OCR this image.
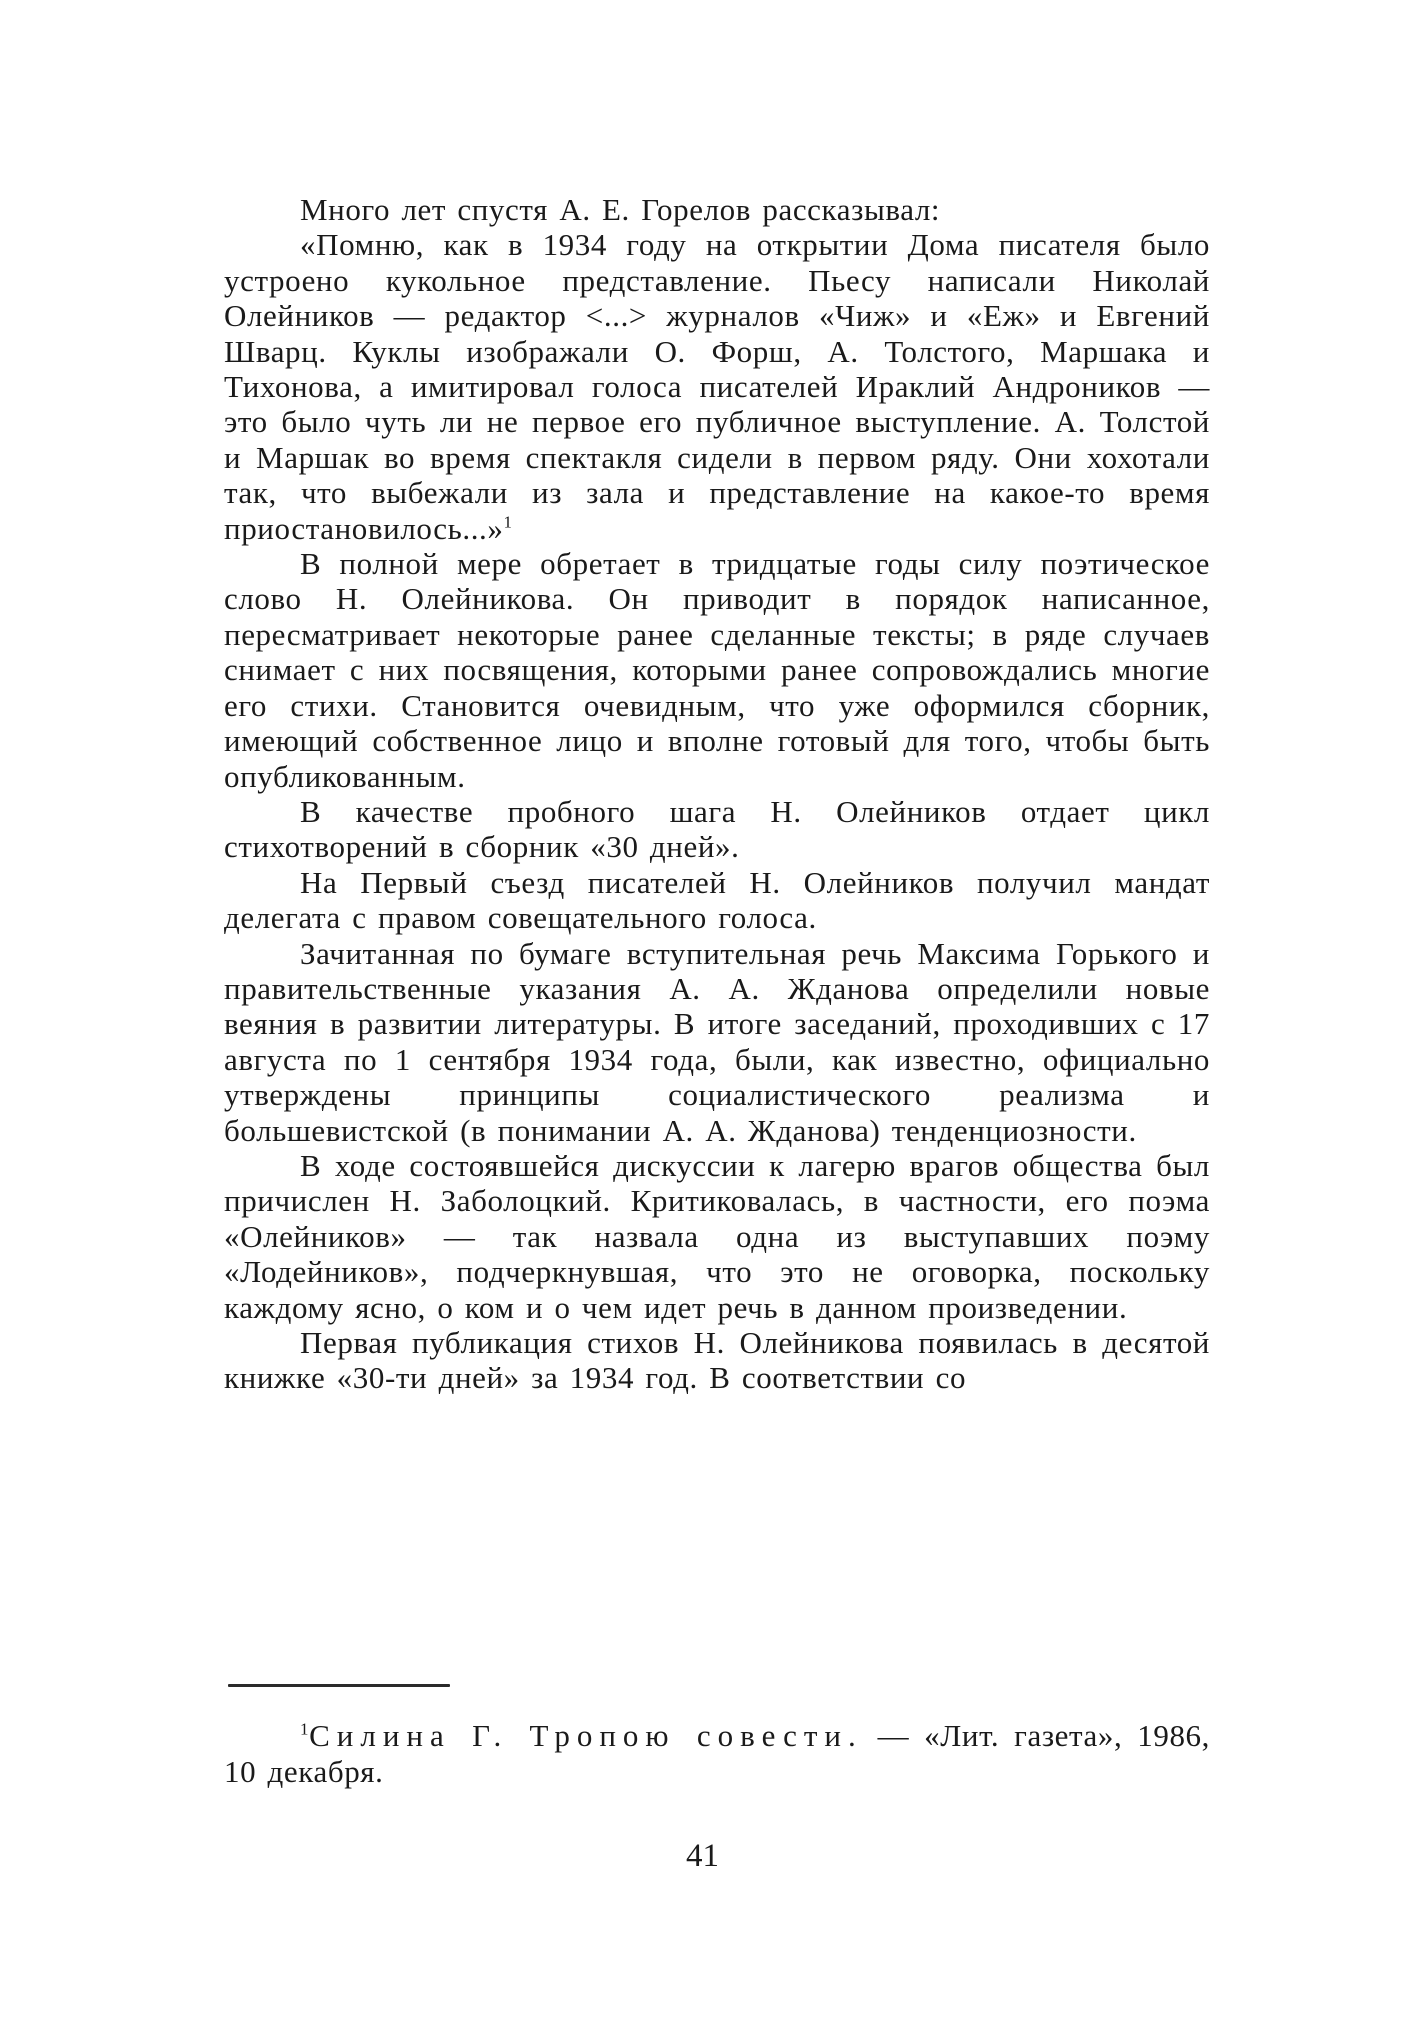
Много лет спустя А. Е. Горелов рассказывал:

«Помню, как в 1934 году на открытии Дома писателя было устроено кукольное представление. Пьесу написали Николай Олейников — редактор <...> журналов «Чиж» и «Еж» и Евгений Шварц. Куклы изображали О. Форш, А. Толстого, Маршака и Тихонова, а имитировал голоса писателей Ираклий Андроников — это было чуть ли не первое его публичное выступление. А. Толстой и Маршак во время спектакля сидели в первом ряду. Они хохотали так, что выбежали из зала и представление на какое-то время приостановилось...»$^1$

В полной мере обретает в тридцатые годы силу поэтическое слово Н. Олейникова. Он приводит в порядок написанное, пересматривает некоторые ранее сделанные тексты; в ряде случаев снимает с них посвящения, которыми ранее сопровождались многие его стихи. Становится очевидным, что уже оформился сборник, имеющий собственное лицо и вполне готовый для того, чтобы быть опубликованным.

В качестве пробного шага Н. Олейников отдает цикл стихотворений в сборник «30 дней».

На Первый съезд писателей Н. Олейников получил мандат делегата с правом совещательного голоса.

Зачитанная по бумаге вступительная речь Максима Горького и правительственные указания А. А. Жданова определили новые веяния в развитии литературы. В итоге заседаний, проходивших с 17 августа по 1 сентября 1934 года, были, как известно, официально утверждены принципы социалистического реализма и большевистской (в понимании А. А. Жданова) тенденциозности.

В ходе состоявшейся дискуссии к лагерю врагов общества был причислен Н. Заболоцкий. Критиковалась, в частности, его поэма «Олейников» — так назвала одна из выступавших поэму «Лодейников», подчеркнувшая, что это не оговорка, поскольку каждому ясно, о ком и о чем идет речь в данном произведении.

Первая публикация стихов Н. Олейникова появилась в десятой книжке «30-ти дней» за 1934 год. В соответствии со

$^1$Силина Г. Тропою совести. — «Лит. газета», 1986, 10 декабря.

41
